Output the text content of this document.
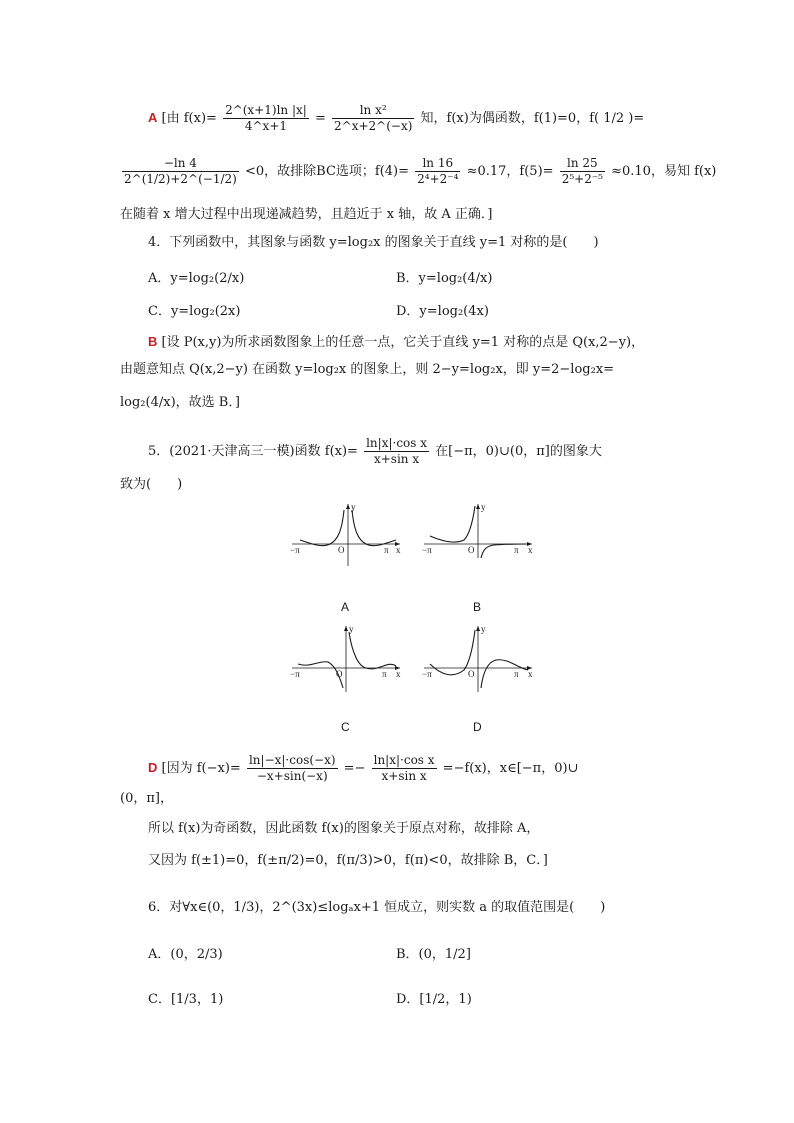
A [由 $f(x)= \frac{2\^{}(x+1)\ln |x|}{4\^{}x+1} = \frac{\text{ln x²}}{2\^{}x+2\^{}(-x)}$ 知，f(x)为偶函数，f(1)=0，f( 1/2 )=
$\frac{-\ln 4}{2\^{}(1/2)+2\^{}(-1/2)} <0$，故排除BC选项；$f(4)= \frac{\ln 16}{\text{2⁴+2⁻⁴}} \approx 0.17$，$f(5)= \frac{\ln 25}{\text{2⁵+2⁻⁵}} \approx 0.10$，易知 f(x)
在随着 x 增大过程中出现递减趋势，且趋近于 x 轴，故 A 正确．]
4．下列函数中，其图象与函数 y=log₂x 的图象关于直线 y=1 对称的是(　　)
A．y=log₂(2/x)	B．y=log₂(4/x)
C．y=log₂(2x)	D．y=log₂(4x)
B [设 P(x,y)为所求函数图象上的任意一点，它关于直线 y=1 对称的点是 Q(x,2−y)，
由题意知点 Q(x,2−y) 在函数 y=log₂x 的图象上，则 2−y=log₂x，即 y=2−log₂x=
log₂(4/x)，故选 B．]
5．(2021·天津高三一模)函数 $f(x)= \frac{\text{ln|x|·cos x}}{\text{x+sin x}}$ 在[−π，0)∪(0，π]的图象大
致为(　　)
y
x
O
−π	π
A
y
x
O
−π	π
B
y
x
O
−π	π
C
y
x
O
−π	π
D
D [因为 $f(-x)= \frac{\ln|-x|\cdot\cos(-x)}{-x+\sin(-x)} =- \frac{\text{ln|x|·cos x}}{\text{x+sin x}} =-f(x)$，x∈[−π，0)∪
(0，π]，
所以 f(x)为奇函数，因此函数 f(x)的图象关于原点对称，故排除 A，
又因为 f(±1)=0，f(±π/2)=0，f(π/3)>0，f(π)<0，故排除 B，C．]
6．对∀x∈(0，1/3)，2^(3x)≤logₐx+1 恒成立，则实数 a 的取值范围是(　　)
A．(0，2/3)	B．(0，1/2]
C．[1/3，1)	D．[1/2，1)
